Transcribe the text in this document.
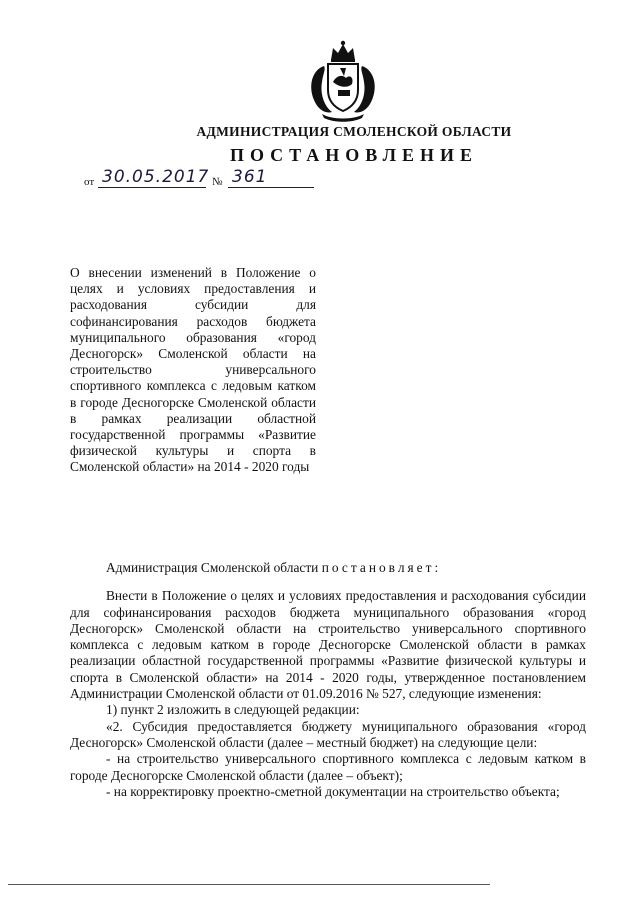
АДМИНИСТРАЦИЯ СМОЛЕНСКОЙ ОБЛАСТИ
ПОСТАНОВЛЕНИЕ
от 30.05.2017 № 361
О внесении изменений в Положение о целях и условиях предоставления и расходования субсидии для софинансирования расходов бюджета муниципального образования «город Десногорск» Смоленской области на строительство универсального спортивного комплекса с ледовым катком в городе Десногорске Смоленской области в рамках реализации областной государственной программы «Развитие физической культуры и спорта в Смоленской области» на 2014 - 2020 годы

Администрация Смоленской области постановляет:

Внести в Положение о целях и условиях предоставления и расходования субсидии для софинансирования расходов бюджета муниципального образования «город Десногорск» Смоленской области на строительство универсального спортивного комплекса с ледовым катком в городе Десногорске Смоленской области в рамках реализации областной государственной программы «Развитие физической культуры и спорта в Смоленской области» на 2014 - 2020 годы, утвержденное постановлением Администрации Смоленской области от 01.09.2016 № 527, следующие изменения:

1) пункт 2 изложить в следующей редакции:

«2. Субсидия предоставляется бюджету муниципального образования «город Десногорск» Смоленской области (далее – местный бюджет) на следующие цели:

- на строительство универсального спортивного комплекса с ледовым катком в городе Десногорске Смоленской области (далее – объект);

- на корректировку проектно-сметной документации на строительство объекта;
